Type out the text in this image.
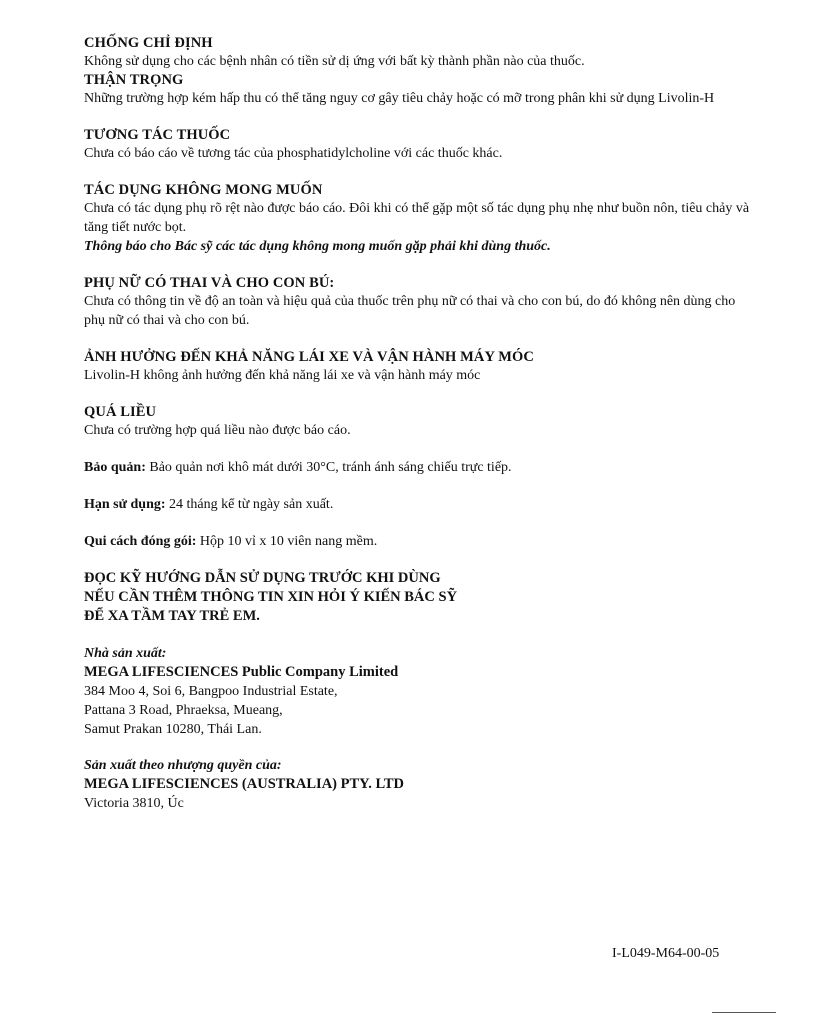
CHỐNG CHỈ ĐỊNH
Không sử dụng cho các bệnh nhân có tiền sử dị ứng với bất kỳ thành phần nào của thuốc.
THẬN TRỌNG
Những trường hợp kém hấp thu có thể tăng nguy cơ gây tiêu chảy hoặc có mỡ trong phân khi sử dụng Livolin-H
TƯƠNG TÁC THUỐC
Chưa có báo cáo về tương tác của phosphatidylcholine với các thuốc khác.
TÁC DỤNG KHÔNG MONG MUỐN
Chưa có tác dụng phụ rõ rệt nào được báo cáo. Đôi khi có thể gặp một số tác dụng phụ nhẹ như buồn nôn, tiêu chảy và tăng tiết nước bọt.
Thông báo cho Bác sỹ các tác dụng không mong muốn gặp phải khi dùng thuốc.
PHỤ NỮ CÓ THAI VÀ CHO CON BÚ:
Chưa có thông tin về độ an toàn và hiệu quả của thuốc trên phụ nữ có thai và cho con bú, do đó không nên dùng cho phụ nữ có thai và cho con bú.
ẢNH HƯỞNG ĐẾN KHẢ NĂNG LÁI XE VÀ VẬN HÀNH MÁY MÓC
Livolin-H không ảnh hưởng đến khả năng lái xe và vận hành máy móc
QUÁ LIỀU
Chưa có trường hợp quá liều nào được báo cáo.
Bảo quản: Bảo quản nơi khô mát dưới 30°C, tránh ánh sáng chiếu trực tiếp.
Hạn sử dụng: 24 tháng kể từ ngày sản xuất.
Qui cách đóng gói: Hộp 10 vỉ x 10 viên nang mềm.
ĐỌC KỸ HƯỚNG DẪN SỬ DỤNG TRƯỚC KHI DÙNG
NẾU CẦN THÊM THÔNG TIN XIN HỎI Ý KIẾN BÁC SỸ
ĐỂ XA TẦM TAY TRẺ EM.
Nhà sản xuất:
MEGA LIFESCIENCES Public Company Limited
384 Moo 4, Soi 6, Bangpoo Industrial Estate,
Pattana 3 Road, Phraeksa, Mueang,
Samut Prakan 10280, Thái Lan.
Sản xuất theo nhượng quyền của:
MEGA LIFESCIENCES (AUSTRALIA) PTY. LTD
Victoria 3810, Úc
I-L049-M64-00-05
